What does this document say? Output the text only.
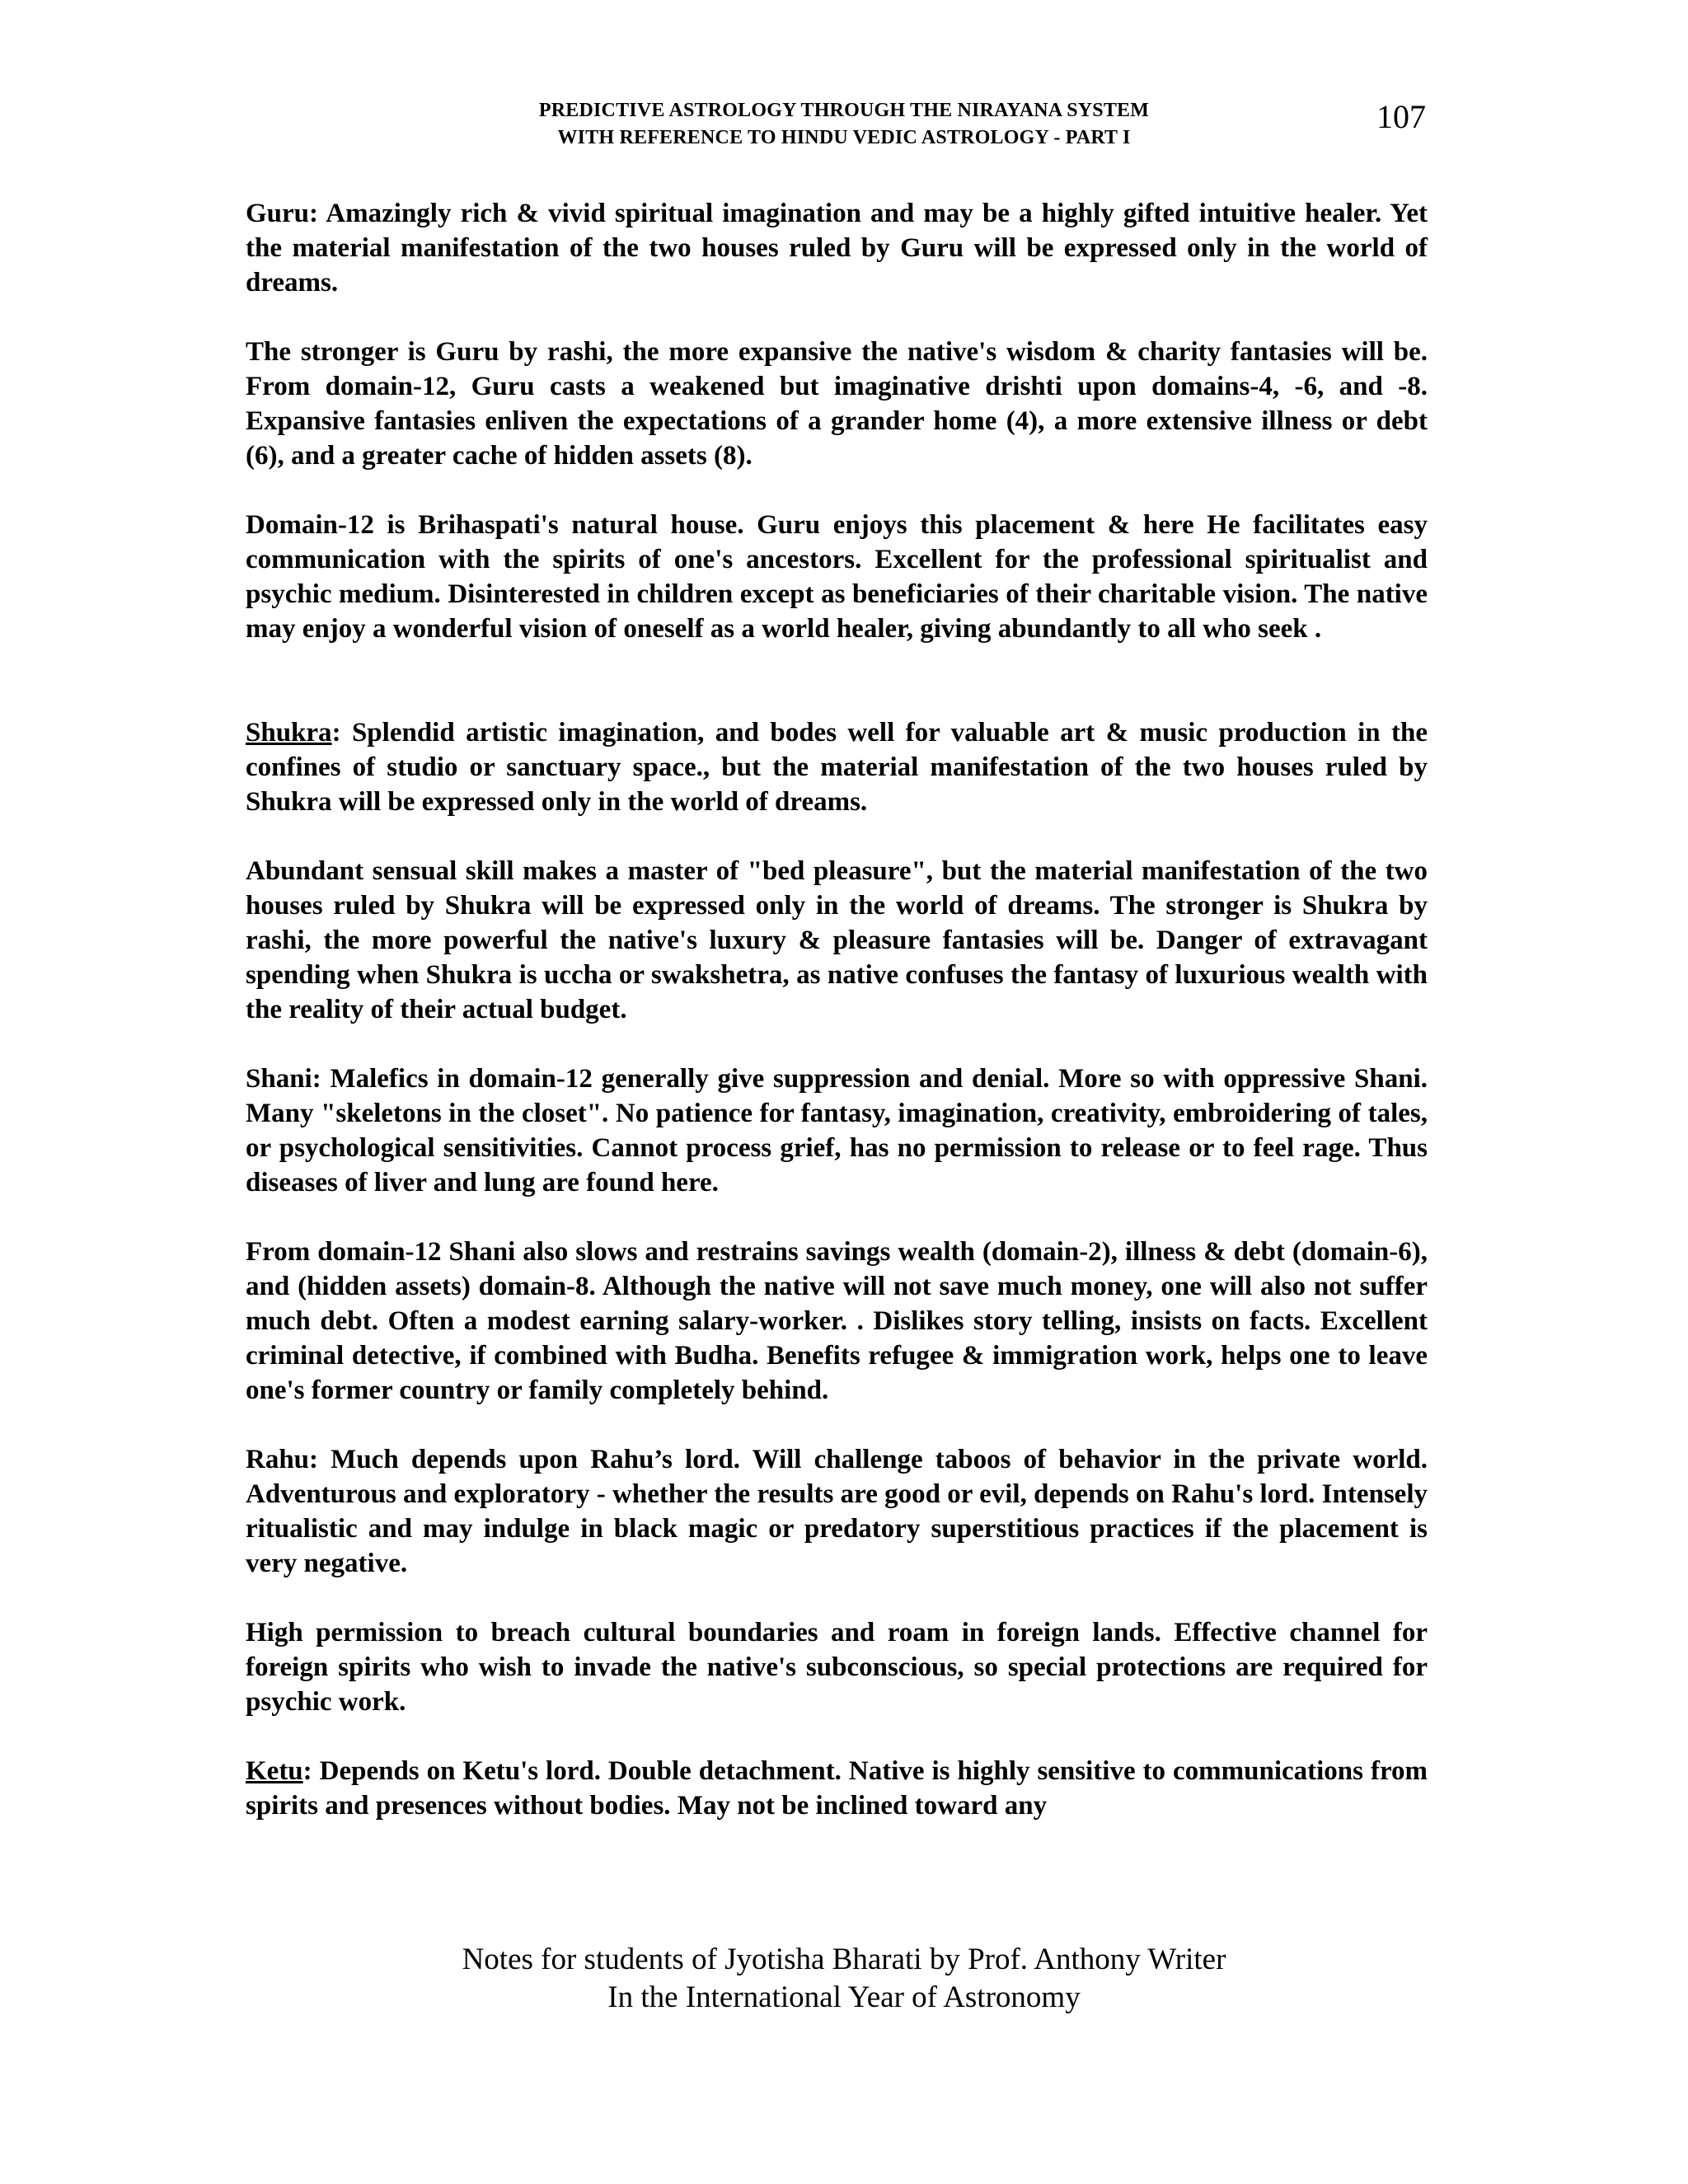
PREDICTIVE ASTROLOGY THROUGH THE NIRAYANA SYSTEM
WITH REFERENCE TO HINDU VEDIC ASTROLOGY - PART I
107

Guru: Amazingly rich & vivid spiritual imagination and may be a highly gifted intuitive healer. Yet the material manifestation of the two houses ruled by Guru will be expressed only in the world of dreams.

The stronger is Guru by rashi, the more expansive the native's wisdom & charity fantasies will be. From domain-12, Guru casts a weakened but imaginative drishti upon domains-4, -6, and -8. Expansive fantasies enliven the expectations of a grander home (4), a more extensive illness or debt (6), and a greater cache of hidden assets (8).

Domain-12 is Brihaspati's natural house. Guru enjoys this placement & here He facilitates easy communication with the spirits of one's ancestors. Excellent for the professional spiritualist and psychic medium. Disinterested in children except as beneficiaries of their charitable vision. The native may enjoy a wonderful vision of oneself as a world healer, giving abundantly to all who seek .

Shukra: Splendid artistic imagination, and bodes well for valuable art & music production in the confines of studio or sanctuary space., but the material manifestation of the two houses ruled by Shukra will be expressed only in the world of dreams.

Abundant sensual skill makes a master of "bed pleasure", but the material manifestation of the two houses ruled by Shukra will be expressed only in the world of dreams. The stronger is Shukra by rashi, the more powerful the native's luxury & pleasure fantasies will be. Danger of extravagant spending when Shukra is uccha or swakshetra, as native confuses the fantasy of luxurious wealth with the reality of their actual budget.

Shani: Malefics in domain-12 generally give suppression and denial. More so with oppressive Shani. Many "skeletons in the closet". No patience for fantasy, imagination, creativity, embroidering of tales, or psychological sensitivities. Cannot process grief, has no permission to release or to feel rage. Thus diseases of liver and lung are found here.

From domain-12 Shani also slows and restrains savings wealth (domain-2), illness & debt (domain-6), and (hidden assets) domain-8. Although the native will not save much money, one will also not suffer much debt. Often a modest earning salary-worker. . Dislikes story telling, insists on facts. Excellent criminal detective, if combined with Budha. Benefits refugee & immigration work, helps one to leave one's former country or family completely behind.

Rahu: Much depends upon Rahu’s lord. Will challenge taboos of behavior in the private world. Adventurous and exploratory - whether the results are good or evil, depends on Rahu's lord. Intensely ritualistic and may indulge in black magic or predatory superstitious practices if the placement is very negative.

High permission to breach cultural boundaries and roam in foreign lands. Effective channel for foreign spirits who wish to invade the native's subconscious, so special protections are required for psychic work.

Ketu: Depends on Ketu's lord. Double detachment. Native is highly sensitive to communications from spirits and presences without bodies. May not be inclined toward any

Notes for students of Jyotisha Bharati by Prof. Anthony Writer
In the International Year of Astronomy
